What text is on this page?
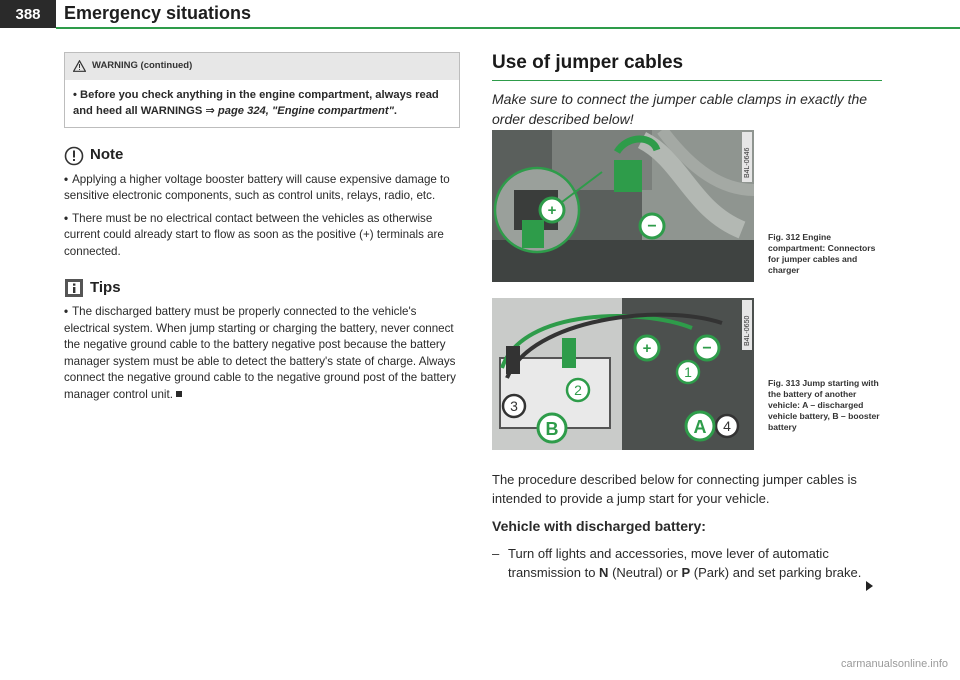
388	Emergency situations
WARNING (continued)
• Before you check anything in the engine compartment, always read and heed all WARNINGS ⇒ page 324, "Engine compartment".
Note
• Applying a higher voltage booster battery will cause expensive damage to sensitive electronic components, such as control units, relays, radio, etc.
• There must be no electrical contact between the vehicles as otherwise current could already start to flow as soon as the positive (+) terminals are connected.
Tips
• The discharged battery must be properly connected to the vehicle's electrical system. When jump starting or charging the battery, never connect the negative ground cable to the battery negative post because the battery manager system must be able to detect the battery's state of charge. Always connect the negative ground cable to the negative ground post of the battery manager control unit.
Use of jumper cables
Make sure to connect the jumper cable clamps in exactly the order described below!
+
−
B4L-0646
Fig. 312 Engine compartment: Connectors for jumper cables and charger
+	−
1
2
3
4
B	A
B4L-0650
Fig. 313 Jump starting with the battery of another vehicle: A – discharged vehicle battery, B – booster battery
The procedure described below for connecting jumper cables is intended to provide a jump start for your vehicle.
Vehicle with discharged battery:
– Turn off lights and accessories, move lever of automatic transmission to N (Neutral) or P (Park) and set parking brake.
carmanualsonline.info
